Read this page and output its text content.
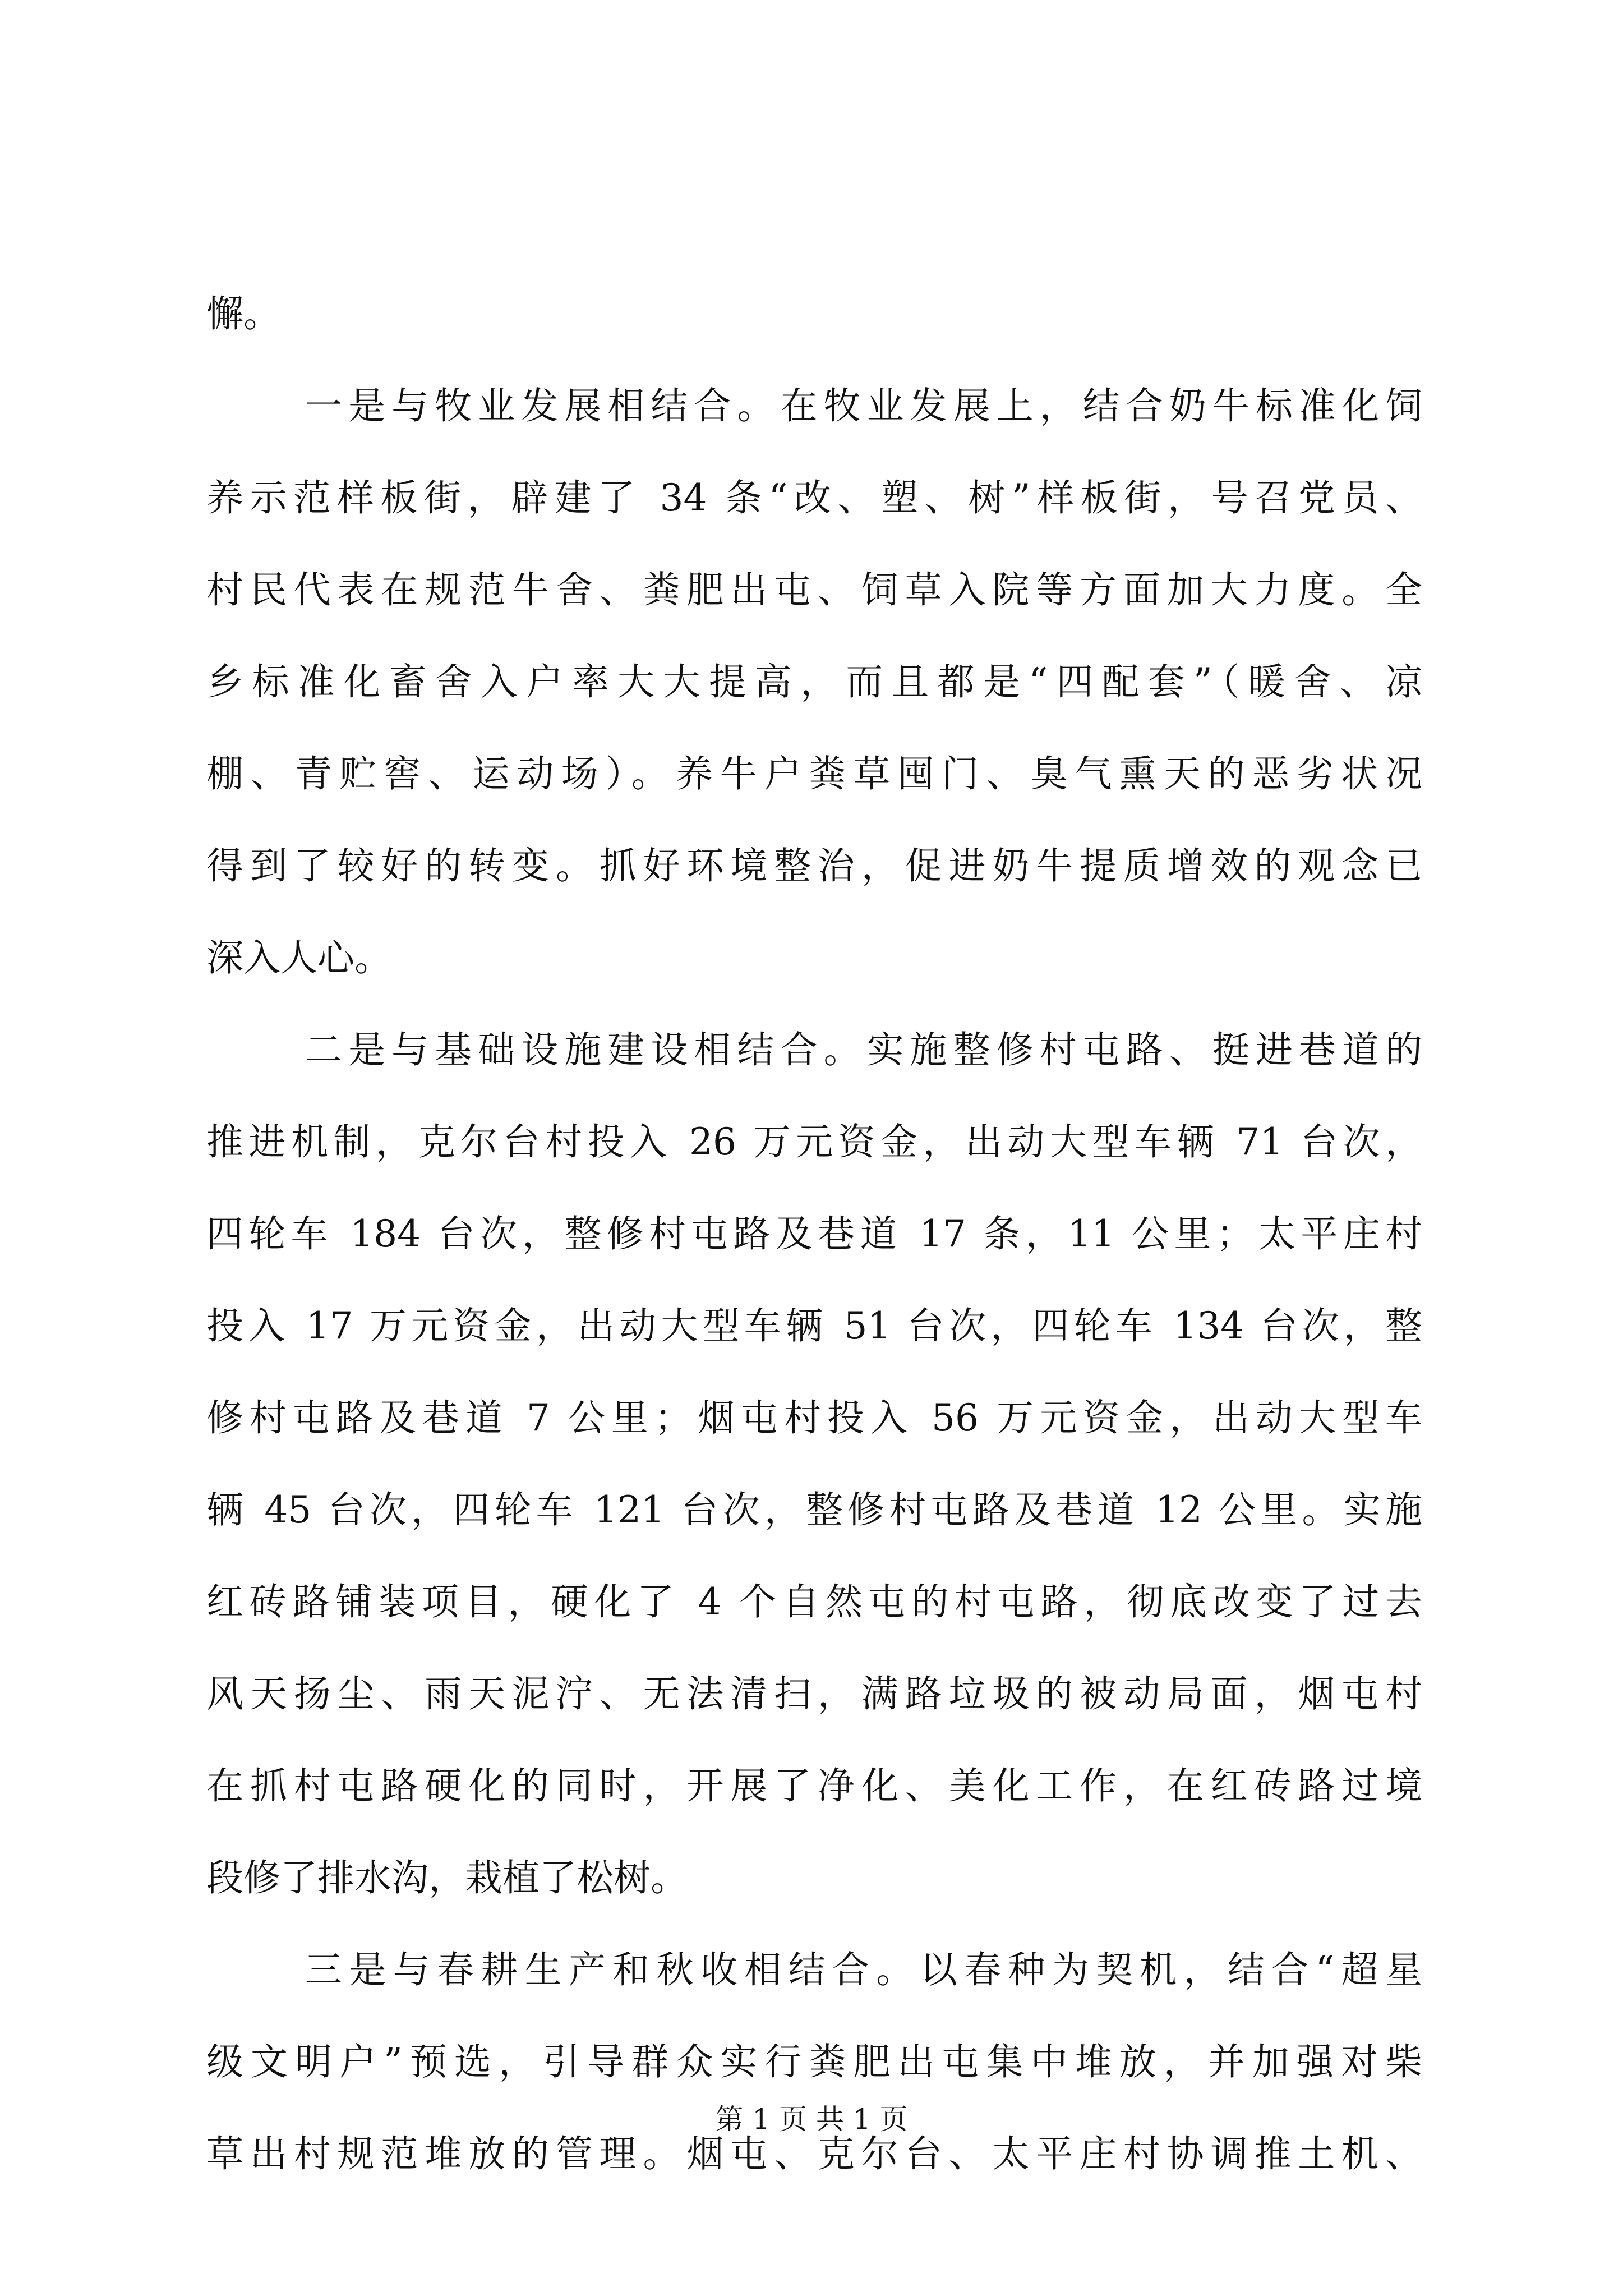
懈。
一是与牧业发展相结合。在牧业发展上，结合奶牛标准化饲
养示范样板街，辟建了 34 条“改、塑、树”样板街，号召党员、
村民代表在规范牛舍、粪肥出屯、饲草入院等方面加大力度。全
乡标准化畜舍入户率大大提高，而且都是“四配套”（暖舍、凉
棚、青贮窖、运动场）。养牛户粪草囤门、臭气熏天的恶劣状况
得到了较好的转变。抓好环境整治，促进奶牛提质增效的观念已
深入人心。
二是与基础设施建设相结合。实施整修村屯路、挺进巷道的
推进机制，克尔台村投入 26 万元资金，出动大型车辆 71 台次，
四轮车 184 台次，整修村屯路及巷道 17 条，11 公里；太平庄村
投入 17 万元资金，出动大型车辆 51 台次，四轮车 134 台次，整
修村屯路及巷道 7 公里；烟屯村投入 56 万元资金，出动大型车
辆 45 台次，四轮车 121 台次，整修村屯路及巷道 12 公里。实施
红砖路铺装项目，硬化了 4 个自然屯的村屯路，彻底改变了过去
风天扬尘、雨天泥泞、无法清扫，满路垃圾的被动局面，烟屯村
在抓村屯路硬化的同时，开展了净化、美化工作，在红砖路过境
段修了排水沟，栽植了松树。
三是与春耕生产和秋收相结合。以春种为契机，结合“超星
级文明户”预选，引导群众实行粪肥出屯集中堆放，并加强对柴
草出村规范堆放的管理。烟屯、克尔台、太平庄村协调推土机、
第 1 页 共 1 页
